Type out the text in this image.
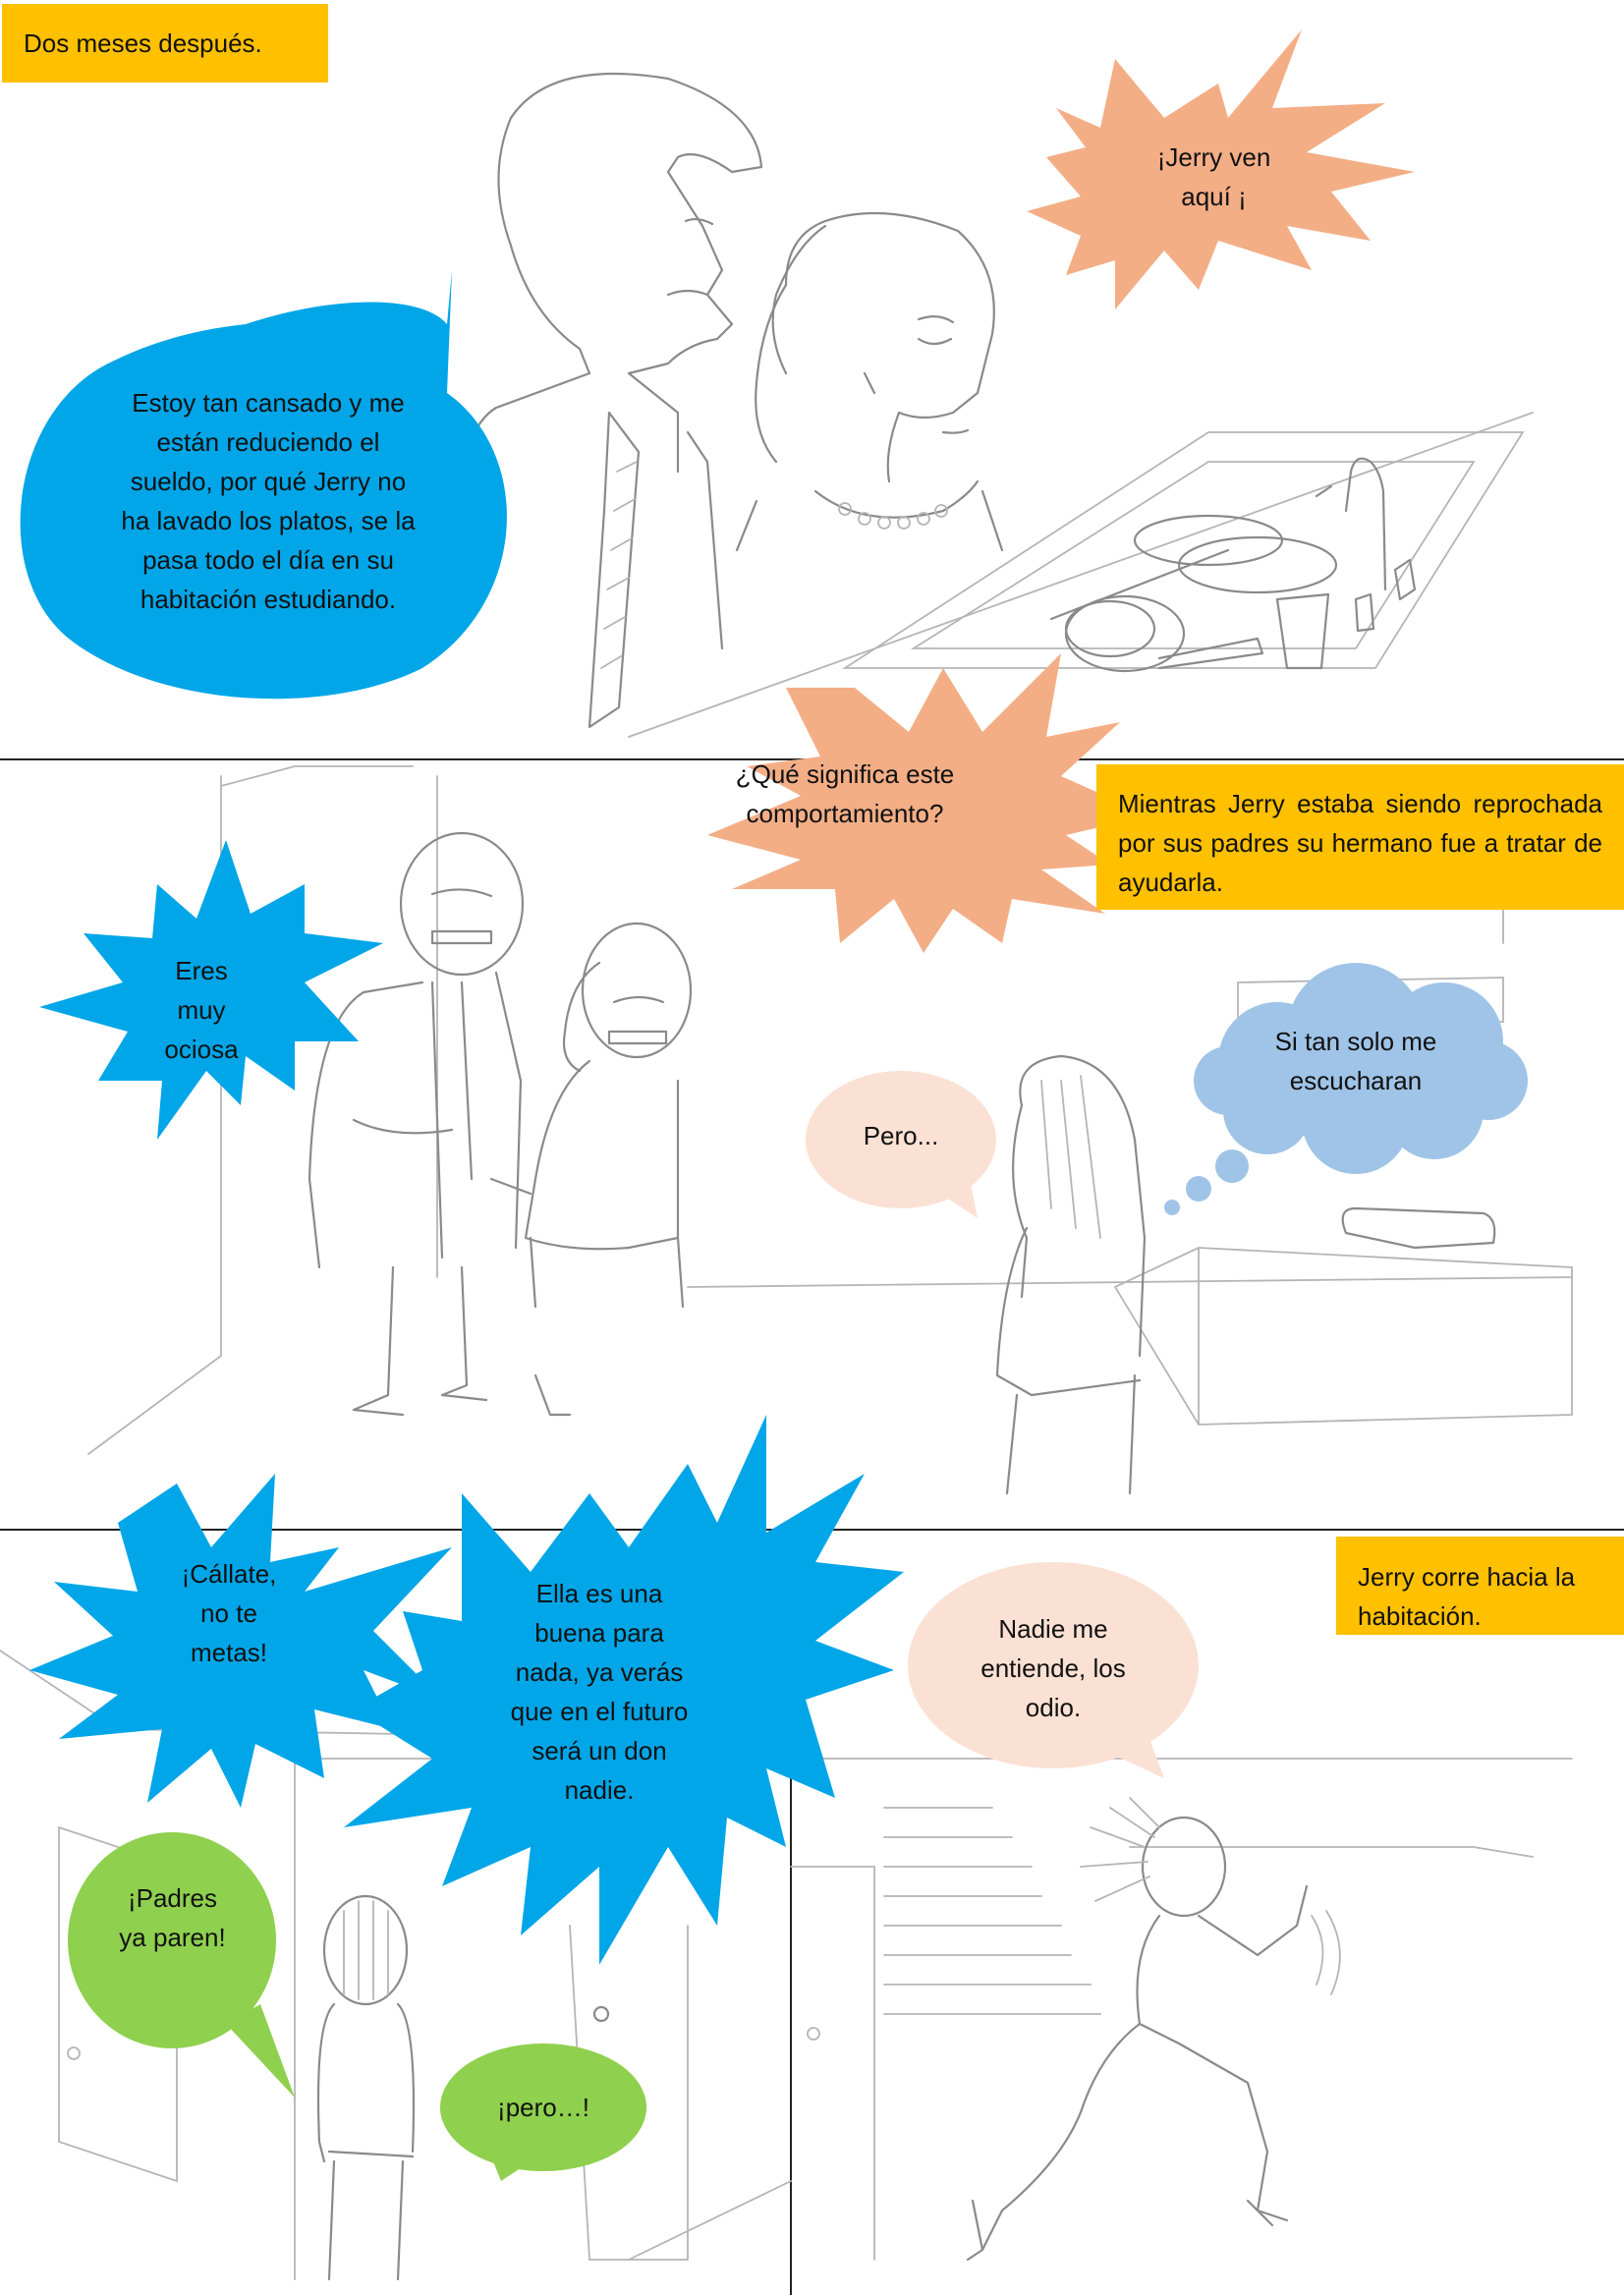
Dos meses después.
Estoy tan cansado y me están reduciendo el sueldo, por qué Jerry no ha lavado los platos, se la pasa todo el día en su habitación estudiando.
¡Jerry ven aquí ¡
¿Qué significa este comportamiento?	Mientras Jerry estaba siendo reprochada por sus padres su hermano fue a tratar de ayudarla.
Eres muy ociosa
Pero...
Si tan solo me escucharan
¡Cállate, no te metas!
Ella es una buena para nada, ya verás que en el futuro será un don nadie.
¡Padres ya paren!
¡pero…!
Jerry corre hacia la habitación.
Nadie me entiende, los odio.
